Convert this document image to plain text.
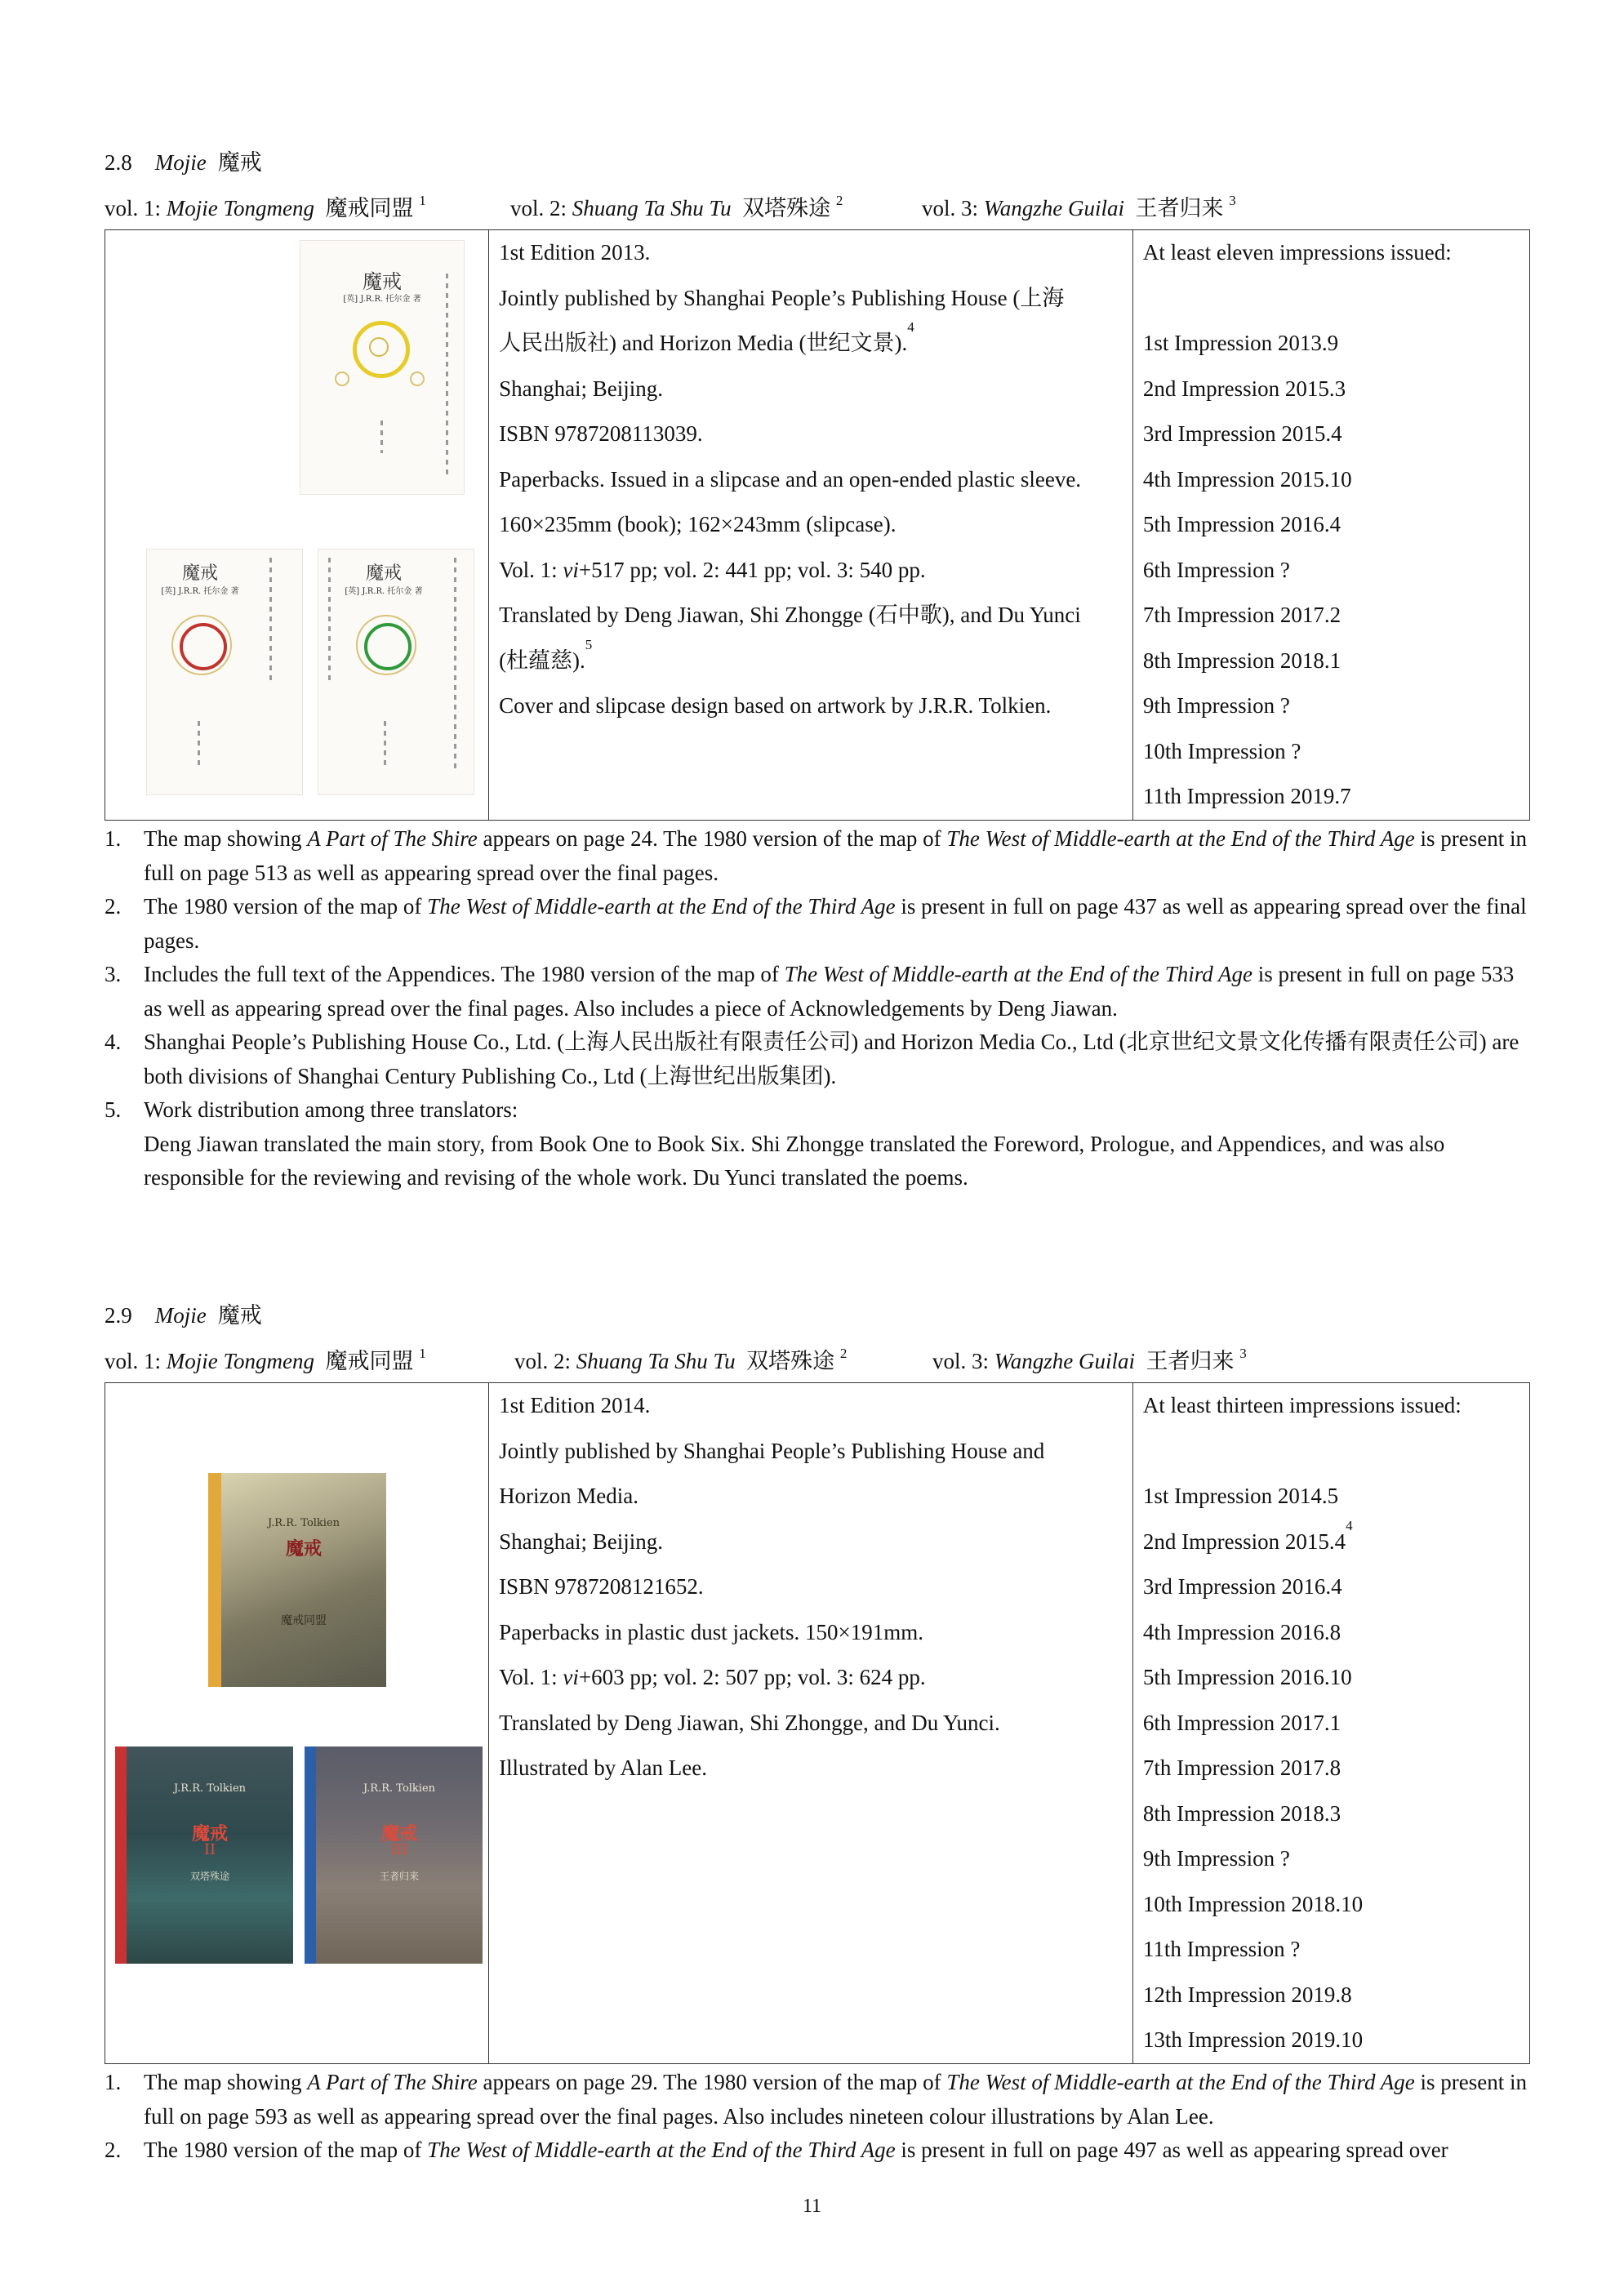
2.8 Mojie 魔戒
vol. 1: Mojie Tongmeng 魔戒同盟 $^1$	vol. 2: Shuang Ta Shu Tu 双塔殊途 $^2$	vol. 3: Wangzhe Guilai 王者归来 $^3$
魔戒
[英] J.R.R. 托尔金 著
魔戒
[英] J.R.R. 托尔金 著
魔戒
[英] J.R.R. 托尔金 著

1st Edition 2013.
Jointly published by Shanghai People’s Publishing House (上海
人民出版社) and Horizon Media (世纪文景).$^4$
Shanghai; Beijing.
ISBN 9787208113039.
Paperbacks. Issued in a slipcase and an open-ended plastic sleeve.
160×235mm (book); 162×243mm (slipcase).
Vol. 1: vi+517 pp; vol. 2: 441 pp; vol. 3: 540 pp.
Translated by Deng Jiawan, Shi Zhongge (石中歌), and Du Yunci
(杜蕴慈).$^5$
Cover and slipcase design based on artwork by J.R.R. Tolkien.

At least eleven impressions issued:
1st Impression 2013.9
2nd Impression 2015.3
3rd Impression 2015.4
4th Impression 2015.10
5th Impression 2016.4
6th Impression ?
7th Impression 2017.2
8th Impression 2018.1
9th Impression ?
10th Impression ?
11th Impression 2019.7
1.	The map showing A Part of The Shire appears on page 24. The 1980 version of the map of The West of Middle-earth at the End of the Third Age is present in full on page 513 as well as appearing spread over the final pages.
2.	The 1980 version of the map of The West of Middle-earth at the End of the Third Age is present in full on page 437 as well as appearing spread over the final pages.
3.	Includes the full text of the Appendices. The 1980 version of the map of The West of Middle-earth at the End of the Third Age is present in full on page 533 as well as appearing spread over the final pages. Also includes a piece of Acknowledgements by Deng Jiawan.
4.	Shanghai People’s Publishing House Co., Ltd. (上海人民出版社有限责任公司) and Horizon Media Co., Ltd (北京世纪文景文化传播有限责任公司) are both divisions of Shanghai Century Publishing Co., Ltd (上海世纪出版集团).
5.	Work distribution among three translators:
Deng Jiawan translated the main story, from Book One to Book Six. Shi Zhongge translated the Foreword, Prologue, and Appendices, and was also responsible for the reviewing and revising of the whole work. Du Yunci translated the poems.
2.9 Mojie 魔戒
vol. 1: Mojie Tongmeng 魔戒同盟 $^1$	vol. 2: Shuang Ta Shu Tu 双塔殊途 $^2$	vol. 3: Wangzhe Guilai 王者归来 $^3$
J.R.R. Tolkien
魔戒
魔戒同盟
J.R.R. Tolkien
魔戒
II
双塔殊途
J.R.R. Tolkien
魔戒
III
王者归来

1st Edition 2014.
Jointly published by Shanghai People’s Publishing House and
Horizon Media.
Shanghai; Beijing.
ISBN 9787208121652.
Paperbacks in plastic dust jackets. 150×191mm.
Vol. 1: vi+603 pp; vol. 2: 507 pp; vol. 3: 624 pp.
Translated by Deng Jiawan, Shi Zhongge, and Du Yunci.
Illustrated by Alan Lee.

At least thirteen impressions issued:
1st Impression 2014.5
2nd Impression 2015.4$^4$
3rd Impression 2016.4
4th Impression 2016.8
5th Impression 2016.10
6th Impression 2017.1
7th Impression 2017.8
8th Impression 2018.3
9th Impression ?
10th Impression 2018.10
11th Impression ?
12th Impression 2019.8
13th Impression 2019.10
1.	The map showing A Part of The Shire appears on page 29. The 1980 version of the map of The West of Middle-earth at the End of the Third Age is present in full on page 593 as well as appearing spread over the final pages. Also includes nineteen colour illustrations by Alan Lee.
2.	The 1980 version of the map of The West of Middle-earth at the End of the Third Age is present in full on page 497 as well as appearing spread over
11
